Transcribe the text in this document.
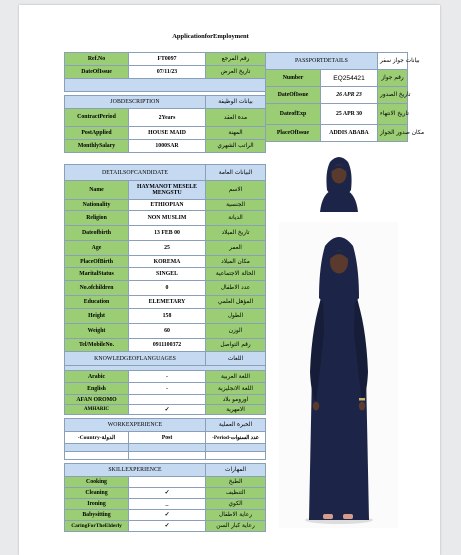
ApplicationforEmployment
Ref.No	FT0097	رقم المرجع
DateOfIssue	07/11/23	تاريخ العرض

PASSPORTDETAILS		بيانات جواز سفر
Number	EQ254421	رقم جواز
DateOfIssue	26 APR 23	تاريخ الصدور
DateofExp	25 APR 30	تاريخ الانتهاء
PlaceOfIssue	ADDIS ABABA	مكان صدور الجواز
JOBDESCRIPTION		بيانات الوظيفة
ContractPeriod	2Years	مدة العقد
PostApplied	HOUSE MAID	المهنة
MonthlySalary	1000SAR	الراتب الشهري
DETAILSOFCANDIDATE		البيانات العامة
Name	HAYMANOT MESELE MENGSTU	الاسم
Nationality	ETHIOPIAN	الجنسية
Religion	NON MUSLIM	الديانة
Dateofbirth	13 FEB 00	تاريخ الميلاد
Age	25	العمر
PlaceOfBirth	KOREMA	مكان الميلاد
MaritalStatus	SINGEL	الحالة الاجتماعية
No.ofchildren	0	عدد الاطفال
Education	ELEMETARY	المؤهل العلمي
Height	158	الطول
Weight	60	الوزن
Tel/MobileNo.	0911100372	رقم التواصل
KNOWLEDGEOFLANGUAGES		اللغات

Arabic	-	اللغة العربية
English	-	اللغة الانجليزية
AFAN OROMO		اورومو بلاد
AMHARIC	✓	الامهرية
WORKEXPERIENCE		الخبرة العملية
-Country-الدولة	Post	-Period-عدد السنوات

SKILLEXPERIENCE		المهارات
Cooking		الطبخ
Cleaning	✓	التنظيف
Ironing	_	الكوي
Babysitting	✓	رعاية الاطفال
CaringForTheElderly	✓	رعاية كبار السن
